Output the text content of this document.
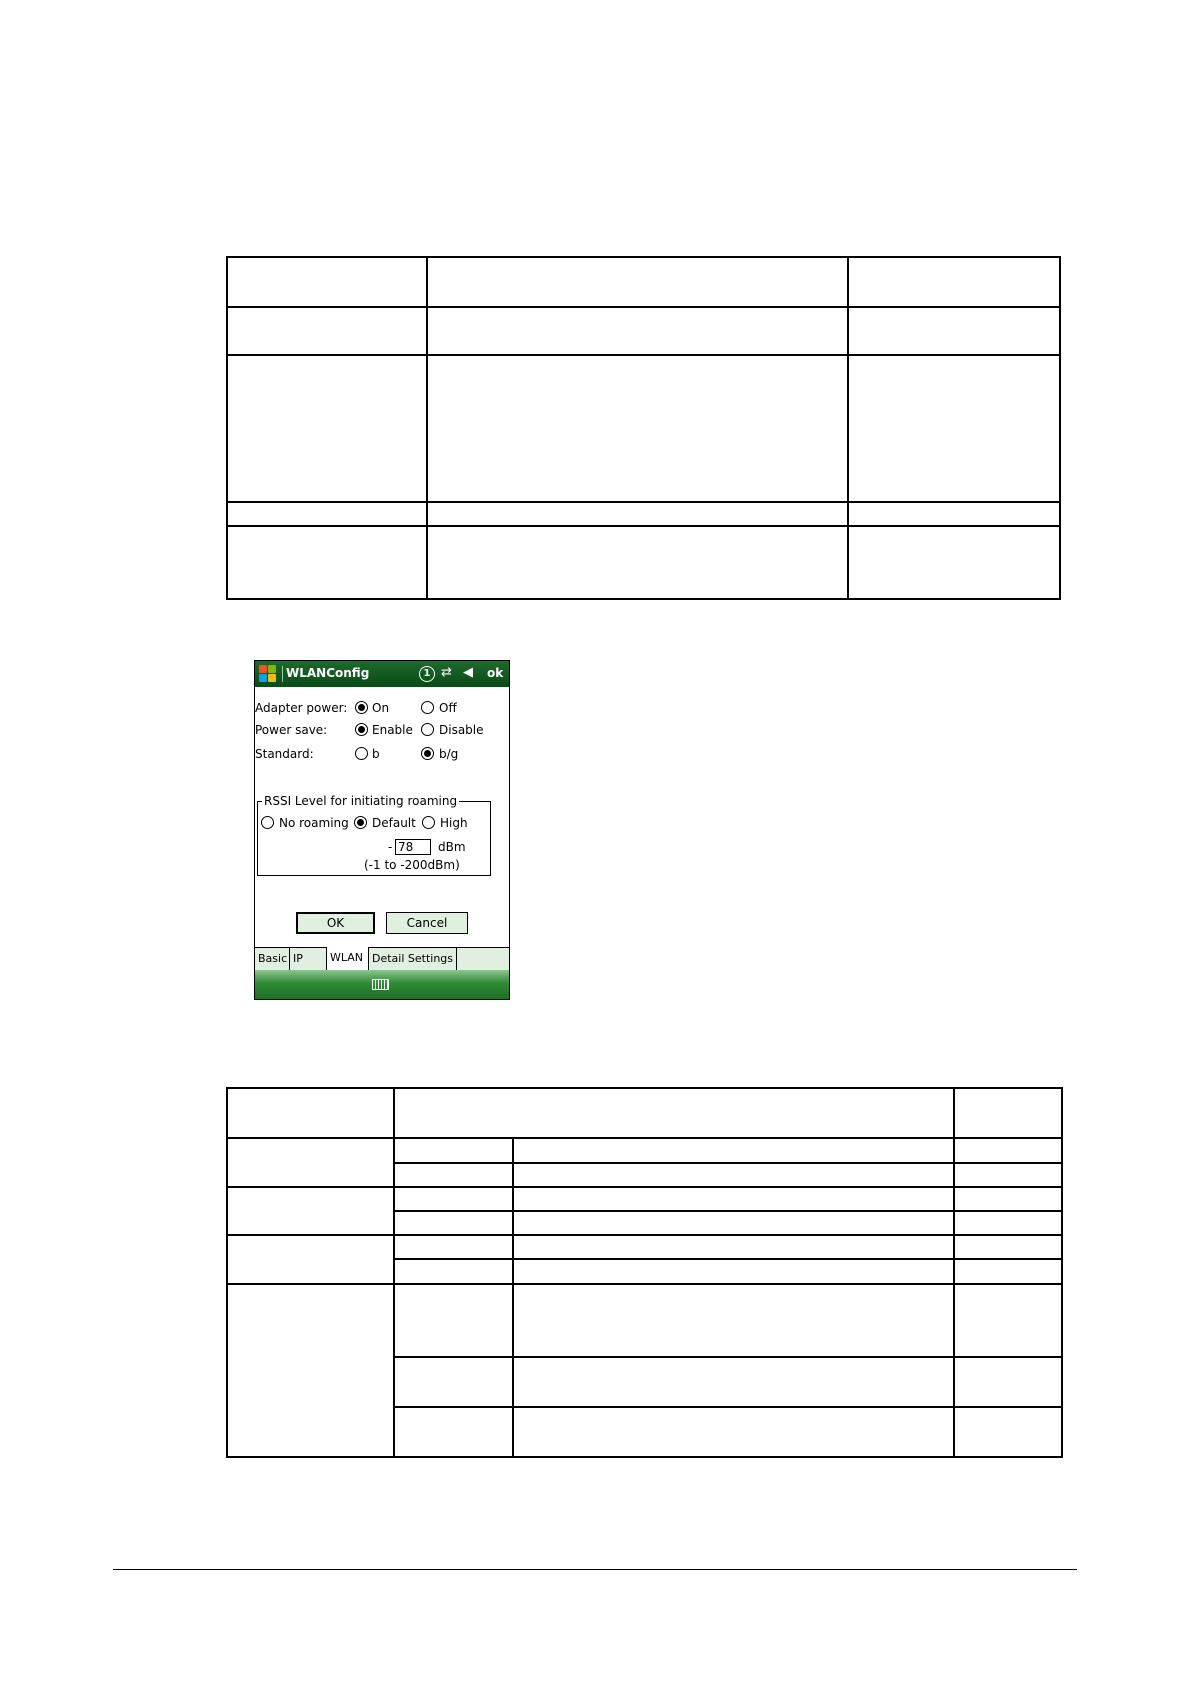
WLANConfig	1 ⇄ ◀ ok
Adapter power: On	Off
Power save:	Enable Disable
Standard:	b	b/g
RSSI Level for initiating roaming
No roaming Default High
- 78	dBm
(-1 to -200dBm)
OK	Cancel
Basic IP	WLAN Detail Settings
